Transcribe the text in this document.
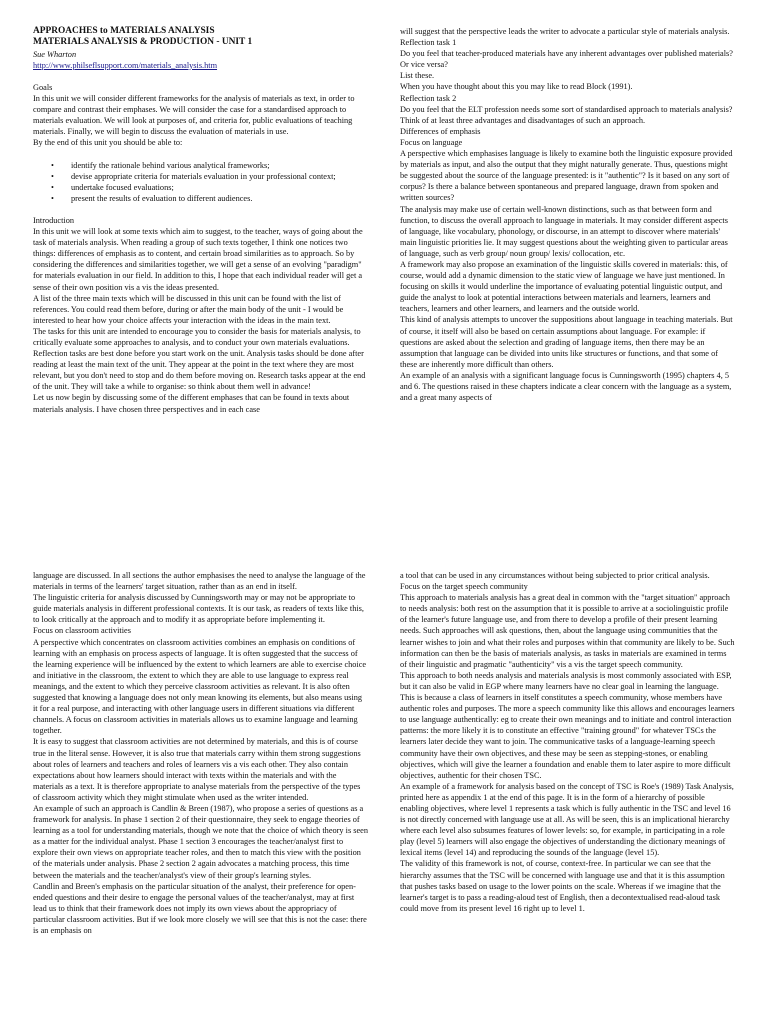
APPROACHES to MATERIALS ANALYSIS

MATERIALS ANALYSIS & PRODUCTION - UNIT 1

Sue Wharton

http://www.philseflsupport.com/materials_analysis.htm

Goals

In this unit we will consider different frameworks for the analysis of materials as text, in order to compare and contrast their emphases. We will consider the case for a standardised approach to materials evaluation. We will look at purposes of, and criteria for, public evaluations of teaching materials. Finally, we will begin to discuss the evaluation of materials in use.

By the end of this unit you should be able to:

• identify the rationale behind various analytical frameworks;
• devise appropriate criteria for materials evaluation in your professional context;
• undertake focused evaluations;
• present the results of evaluation to different audiences.

Introduction

In this unit we will look at some texts which aim to suggest, to the teacher, ways of going about the task of materials analysis. When reading a group of such texts together, I think one notices two things: differences of emphasis as to content, and certain broad similarities as to approach. So by considering the differences and similarities together, we will get a sense of an evolving "paradigm" for materials evaluation in our field. In addition to this, I hope that each individual reader will get a sense of their own position vis a vis the ideas presented.

A list of the three main texts which will be discussed in this unit can be found with the list of references. You could read them before, during or after the main body of the unit - I would be interested to hear how your choice affects your interaction with the ideas in the main text.

The tasks for this unit are intended to encourage you to consider the basis for materials analysis, to critically evaluate some approaches to analysis, and to conduct your own materials evaluations. Reflection tasks are best done before you start work on the unit. Analysis tasks should be done after reading at least the main text of the unit. They appear at the point in the text where they are most relevant, but you don't need to stop and do them before moving on. Research tasks appear at the end of the unit. They will take a while to organise: so think about them well in advance!

Let us now begin by discussing some of the different emphases that can be found in texts about materials analysis. I have chosen three perspectives and in each case

will suggest that the perspective leads the writer to advocate a particular style of materials analysis.

Reflection task 1

Do you feel that teacher-produced materials have any inherent advantages over published materials?

Or vice versa?

List these.

When you have thought about this you may like to read Block (1991).

Reflection task 2

Do you feel that the ELT profession needs some sort of standardised approach to materials analysis?

Think of at least three advantages and disadvantages of such an approach.

Differences of emphasis

Focus on language

A perspective which emphasises language is likely to examine both the linguistic exposure provided by materials as input, and also the output that they might naturally generate. Thus, questions might be suggested about the source of the language presented: is it "authentic"? Is it based on any sort of corpus? Is there a balance between spontaneous and prepared language, drawn from spoken and written sources?

The analysis may make use of certain well-known distinctions, such as that between form and function, to discuss the overall approach to language in materials. It may consider different aspects of language, like vocabulary, phonology, or discourse, in an attempt to discover where materials' main linguistic priorities lie. It may suggest questions about the weighting given to particular areas of language, such as verb group/ noun group/ lexis/ collocation, etc.

A framework may also propose an examination of the linguistic skills covered in materials: this, of course, would add a dynamic dimension to the static view of language we have just mentioned. In focusing on skills it would underline the importance of evaluating potential linguistic output, and guide the analyst to look at potential interactions between materials and learners, learners and teachers, learners and other learners, and learners and the outside world.

This kind of analysis attempts to uncover the suppositions about language in teaching materials. But of course, it itself will also be based on certain assumptions about language. For example: if questions are asked about the selection and grading of language items, then there may be an assumption that language can be divided into units like structures or functions, and that some of these are inherently more difficult than others.

An example of an analysis with a significant language focus is Cunningsworth (1995) chapters 4, 5 and 6. The questions raised in these chapters indicate a clear concern with the language as a system, and a great many aspects of

language are discussed. In all sections the author emphasises the need to analyse the language of the materials in terms of the learners' target situation, rather than as an end in itself.

The linguistic criteria for analysis discussed by Cunningsworth may or may not be appropriate to guide materials analysis in different professional contexts. It is our task, as readers of texts like this, to look critically at the approach and to modify it as appropriate before implementing it.

Focus on classroom activities

A perspective which concentrates on classroom activities combines an emphasis on conditions of learning with an emphasis on process aspects of language. It is often suggested that the success of the learning experience will be influenced by the extent to which learners are able to exercise choice and initiative in the classroom, the extent to which they are able to use language to express real meanings, and the extent to which they perceive classroom activities as relevant. It is also often suggested that knowing a language does not only mean knowing its elements, but also means using it for a real purpose, and interacting with other language users in different situations via different channels. A focus on classroom activities in materials allows us to examine language and learning together.

It is easy to suggest that classroom activities are not determined by materials, and this is of course true in the literal sense. However, it is also true that materials carry within them strong suggestions about roles of learners and teachers and roles of learners vis a vis each other. They also contain expectations about how learners should interact with texts within the materials and with the materials as a text. It is therefore appropriate to analyse materials from the perspective of the types of classroom activity which they might stimulate when used as the writer intended.

An example of such an approach is Candlin & Breen (1987), who propose a series of questions as a framework for analysis. In phase 1 section 2 of their questionnaire, they seek to engage theories of learning as a tool for understanding materials, though we note that the choice of which theory is seen as a matter for the individual analyst. Phase 1 section 3 encourages the teacher/analyst first to explore their own views on appropriate teacher roles, and then to match this view with the position of the materials under analysis. Phase 2 section 2 again advocates a matching process, this time between the materials and the teacher/analyst's view of their group's learning styles.

Candlin and Breen's emphasis on the particular situation of the analyst, their preference for open-ended questions and their desire to engage the personal values of the teacher/analyst, may at first lead us to think that their framework does not imply its own views about the appropriacy of particular classroom activities. But if we look more closely we will see that this is not the case: there is an emphasis on

a tool that can be used in any circumstances without being subjected to prior critical analysis.

Focus on the target speech community

This approach to materials analysis has a great deal in common with the "target situation" approach to needs analysis: both rest on the assumption that it is possible to arrive at a sociolinguistic profile of the learner's future language use, and from there to develop a profile of their present learning needs. Such approaches will ask questions, then, about the language using communities that the learner wishes to join and what their roles and purposes within that community are likely to be. Such information can then be the basis of materials analysis, as tasks in materials are examined in terms of their linguistic and pragmatic "authenticity" vis a vis the target speech community.

This approach to both needs analysis and materials analysis is most commonly associated with ESP, but it can also be valid in EGP where many learners have no clear goal in learning the language. This is because a class of learners in itself constitutes a speech community, whose members have authentic roles and purposes. The more a speech community like this allows and encourages learners to use language authentically: eg to create their own meanings and to initiate and control interaction patterns: the more likely it is to constitute an effective "training ground" for whatever TSCs the learners later decide they want to join. The communicative tasks of a language-learning speech community have their own objectives, and these may be seen as stepping-stones, or enabling objectives, which will give the learner a foundation and enable them to later aspire to more difficult objectives, authentic for their chosen TSC.

An example of a framework for analysis based on the concept of TSC is Roe's (1989) Task Analysis, printed here as appendix 1 at the end of this page. It is in the form of a hierarchy of possible enabling objectives, where level 1 represents a task which is fully authentic in the TSC and level 16 is not directly concerned with language use at all. As will be seen, this is an implicational hierarchy where each level also subsumes features of lower levels: so, for example, in participating in a role play (level 5) learners will also engage the objectives of understanding the dictionary meanings of lexical items (level 14) and reproducing the sounds of the language (level 15).

The validity of this framework is not, of course, context-free. In particular we can see that the hierarchy assumes that the TSC will be concerned with language use and that it is this assumption that pushes tasks based on usage to the lower points on the scale. Whereas if we imagine that the learner's target is to pass a reading-aloud test of English, then a decontextualised read-aloud task could move from its present level 16 right up to level 1.
